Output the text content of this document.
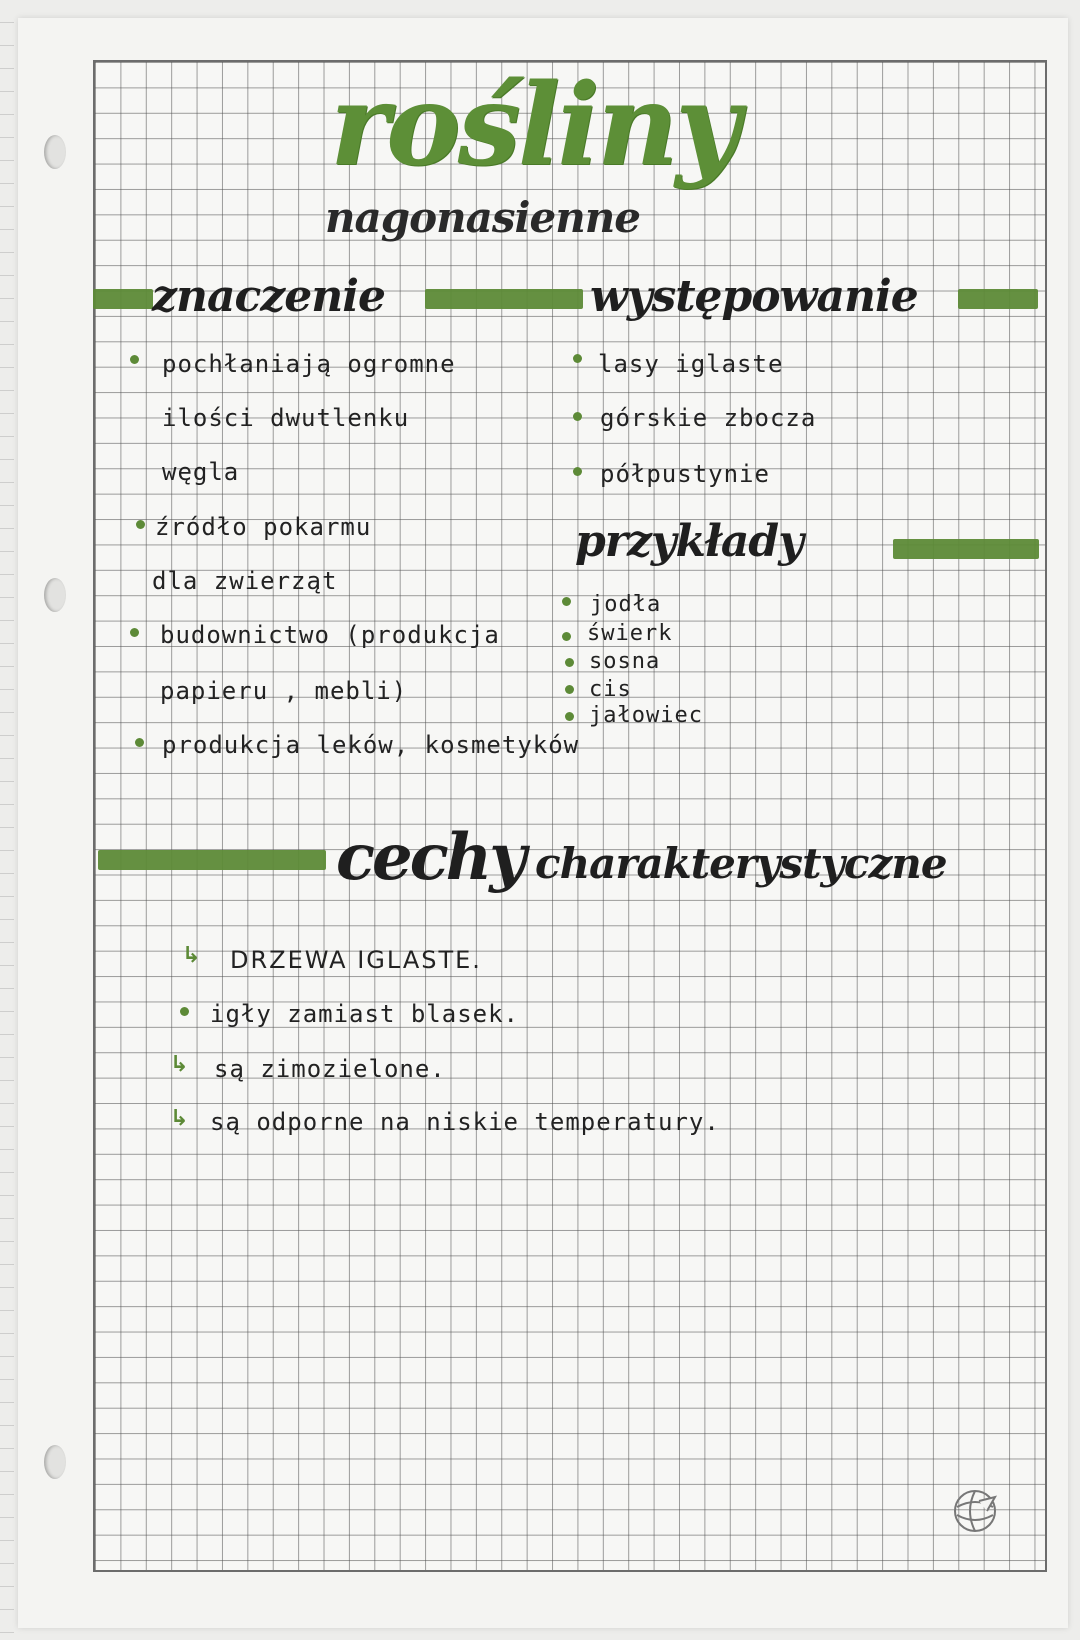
rośliny
nagonasienne
znaczenie	występowanie
pochłaniają ogromne
ilości dwutlenku
węgla
źródło pokarmu
dla zwierząt
budownictwo (produkcja
papieru , mebli)
produkcja leków, kosmetyków
lasy iglaste
górskie zbocza
półpustynie
przykłady
jodła
świerk
sosna
cis
jałowiec
cechy charakterystyczne
↳ DRZEWA IGLASTE.
igły zamiast blasek.
↳ są zimozielone.
↳ są odporne na niskie temperatury.
